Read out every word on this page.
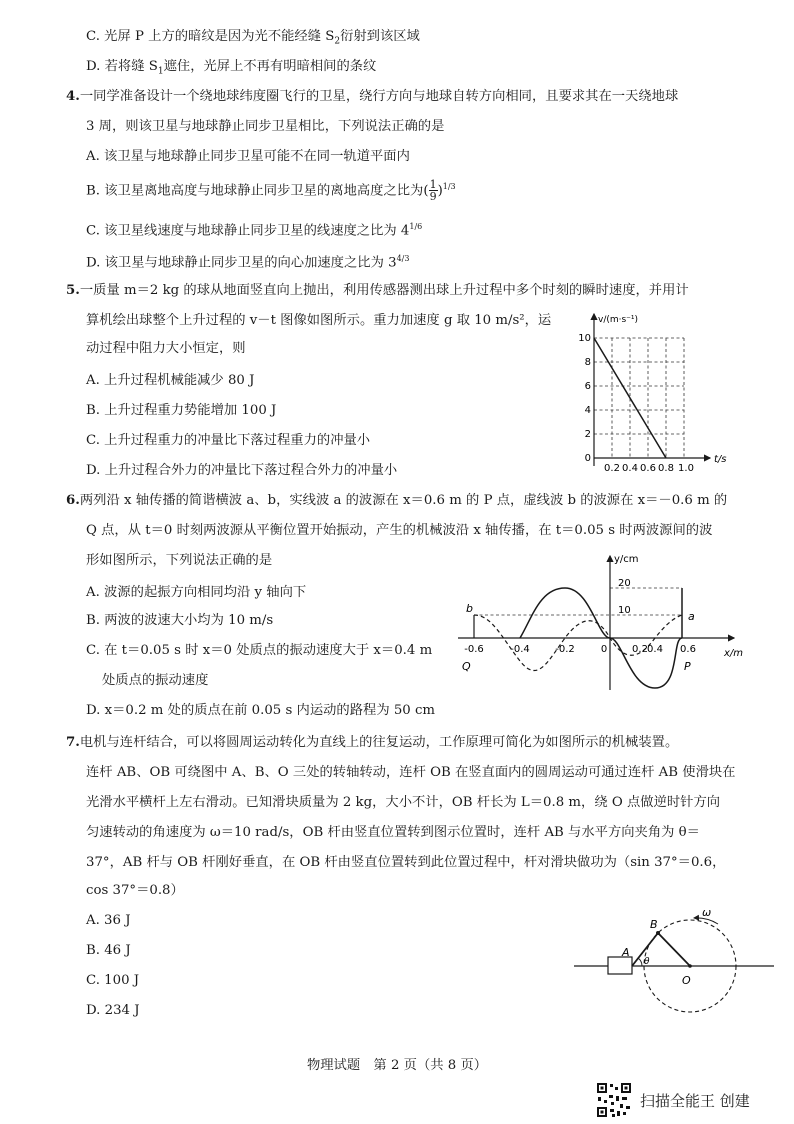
C. 光屏 P 上方的暗纹是因为光不能经缝 $S_2$衍射到该区域
D. 若将缝 $S_1$遮住，光屏上不再有明暗相间的条纹
4.一同学准备设计一个绕地球纬度圈飞行的卫星，绕行方向与地球自转方向相同，且要求其在一天绕地球
3 周，则该卫星与地球静止同步卫星相比，下列说法正确的是
A. 该卫星与地球静止同步卫星可能不在同一轨道平面内
B. 该卫星离地高度与地球静止同步卫星的离地高度之比为( $\frac{1}{9} )^{1/3}$
C. 该卫星线速度与地球静止同步卫星的线速度之比为 $4^{1/6}$
D. 该卫星与地球静止同步卫星的向心加速度之比为 $3^{4/3}$
5.一质量 m＝2 kg 的球从地面竖直向上抛出，利用传感器测出球上升过程中多个时刻的瞬时速度，并用计
算机绘出球整个上升过程的 v－t 图像如图所示。重力加速度 g 取 10 m/s²，运
动过程中阻力大小恒定，则
A. 上升过程机械能减少 80 J
B. 上升过程重力势能增加 100 J
C. 上升过程重力的冲量比下落过程重力的冲量小
D. 上升过程合外力的冲量比下落过程合外力的冲量小
v/(m·s⁻¹)
t/s
10
8
6
4
2
0
0.2 0.4 0.6 0.8 1.0
6.两列沿 x 轴传播的简谐横波 a、b，实线波 a 的波源在 x＝0.6 m 的 P 点，虚线波 b 的波源在 x＝－0.6 m 的
Q 点，从 t＝0 时刻两波源从平衡位置开始振动，产生的机械波沿 x 轴传播，在 t＝0.05 s 时两波源间的波
形如图所示，下列说法正确的是
A. 波源的起振方向相同均沿 y 轴向下
B. 两波的波速大小均为 10 m/s
C. 在 t＝0.05 s 时 x＝0 处质点的振动速度大于 x＝0.4 m
处质点的振动速度
D. x＝0.2 m 处的质点在前 0.05 s 内运动的路程为 50 cm
y/cm
x/m
20
10
-0.6	-0.4	-0.2	0 0.2 0.4 0.6
a
b
P
Q
7.电机与连杆结合，可以将圆周运动转化为直线上的往复运动，工作原理可简化为如图所示的机械装置。
连杆 AB、OB 可绕图中 A、B、O 三处的转轴转动，连杆 OB 在竖直面内的圆周运动可通过连杆 AB 使滑块在
光滑水平横杆上左右滑动。已知滑块质量为 2 kg，大小不计，OB 杆长为 L＝0.8 m，绕 O 点做逆时针方向
匀速转动的角速度为 ω＝10 rad/s，OB 杆由竖直位置转到图示位置时，连杆 AB 与水平方向夹角为 θ＝
37°，AB 杆与 OB 杆刚好垂直，在 OB 杆由竖直位置转到此位置过程中，杆对滑块做功为（sin 37°＝0.6，
cos 37°＝0.8）
A. 36 J
B. 46 J
C. 100 J
D. 234 J
A
B
O
θ
ω
物理试题　第 2 页（共 8 页）
扫描全能王 创建
